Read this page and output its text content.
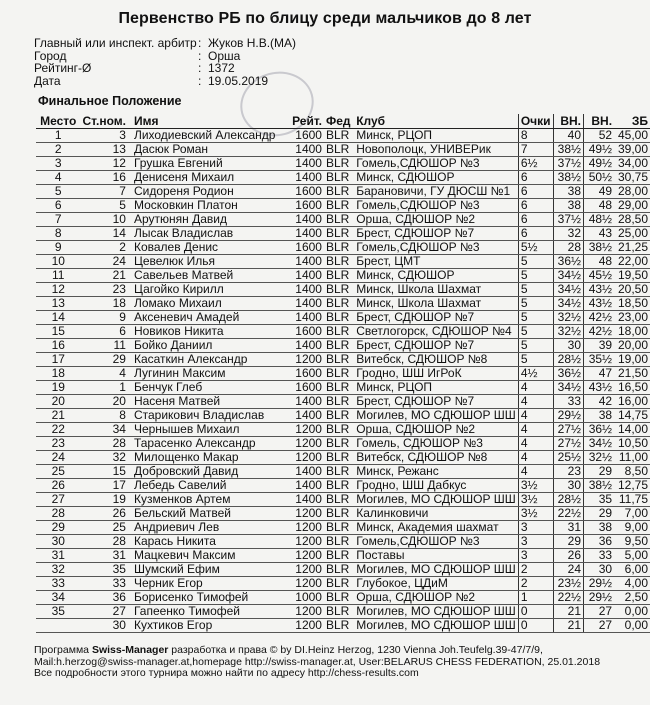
Первенство РБ по блицу среди мальчиков до 8 лет
Главный или инспект. арбитр : Жуков Н.В.(МА)
Город	: Орша
Рейтинг-Ø	: 1372
Дата	: 19.05.2019
Финальное Положение
Место	Ст.ном.	Имя	Рейт.	Фед	Клуб	Очки	ВН.	ВН.	ЗБ
1	3	Лиходиевский Александр	1600	BLR	Минск, РЦОП	8	40	52	45,00
2	13	Дасюк Роман	1400	BLR	Новополоцк, УНИВЕРик	7	38½	49½	39,00
3	12	Грушка Евгений	1400	BLR	Гомель,СДЮШОР №3	6½	37½	49½	34,00
4	16	Денисеня Михаил	1400	BLR	Минск, СДЮШОР	6	38½	50½	30,75
5	7	Сидореня Родион	1600	BLR	Барановичи, ГУ ДЮСШ №1	6	38	49	28,00
6	5	Московкин Платон	1600	BLR	Гомель,СДЮШОР №3	6	38	48	29,00
7	10	Арутюнян Давид	1400	BLR	Орша, СДЮШОР №2	6	37½	48½	28,50
8	14	Лысак Владислав	1400	BLR	Брест, СДЮШОР №7	6	32	43	25,00
9	2	Ковалев Денис	1600	BLR	Гомель,СДЮШОР №3	5½	28	38½	21,25
10	24	Цевелюк Илья	1400	BLR	Брест, ЦМТ	5	36½	48	22,00
11	21	Савельев Матвей	1400	BLR	Минск, СДЮШОР	5	34½	45½	19,50
12	23	Цагойко Кирилл	1400	BLR	Минск, Школа Шахмат	5	34½	43½	20,50
13	18	Ломако Михаил	1400	BLR	Минск, Школа Шахмат	5	34½	43½	18,50
14	9	Аксеневич Амадей	1400	BLR	Брест, СДЮШОР №7	5	32½	42½	23,00
15	6	Новиков Никита	1600	BLR	Светлогорск, СДЮШОР №4	5	32½	42½	18,00
16	11	Бойко Даниил	1400	BLR	Брест, СДЮШОР №7	5	30	39	20,00
17	29	Касаткин Александр	1200	BLR	Витебск, СДЮШОР №8	5	28½	35½	19,00
18	4	Лугинин Максим	1600	BLR	Гродно, ШШ ИгРоК	4½	36½	47	21,50
19	1	Бенчук Глеб	1600	BLR	Минск, РЦОП	4	34½	43½	16,50
20	20	Насеня Матвей	1400	BLR	Брест, СДЮШОР №7	4	33	42	16,00
21	8	Старикович Владислав	1400	BLR	Могилев, МО СДЮШОР ШШ	4	29½	38	14,75
22	34	Чернышев Михаил	1200	BLR	Орша, СДЮШОР №2	4	27½	36½	14,00
23	28	Тарасенко Александр	1200	BLR	Гомель, СДЮШОР №3	4	27½	34½	10,50
24	32	Милощенко Макар	1200	BLR	Витебск, СДЮШОР №8	4	25½	32½	11,00
25	15	Добровский Давид	1400	BLR	Минск, Режанс	4	23	29	8,50
26	17	Лебедь Савелий	1400	BLR	Гродно, ШШ Дабкус	3½	30	38½	12,75
27	19	Кузменков Артем	1400	BLR	Могилев, МО СДЮШОР ШШ	3½	28½	35	11,75
28	26	Бельский Матвей	1200	BLR	Калинковичи	3½	22½	29	7,00
29	25	Андриевич Лев	1200	BLR	Минск, Академия шахмат	3	31	38	9,00
30	28	Карась Никита	1200	BLR	Гомель,СДЮШОР №3	3	29	36	9,50
31	31	Мацкевич Максим	1200	BLR	Поставы	3	26	33	5,00
32	35	Шумский Ефим	1200	BLR	Могилев, МО СДЮШОР ШШ	2	24	30	6,00
33	33	Черник Егор	1200	BLR	Глубокое, ЦДиМ	2	23½	29½	4,00
34	36	Борисенко Тимофей	1000	BLR	Орша, СДЮШОР №2	1	22½	29½	2,50
35	27	Гапеенко Тимофей	1200	BLR	Могилев, МО СДЮШОР ШШ	0	21	27	0,00
	30	Кухтиков Егор	1200	BLR	Могилев, МО СДЮШОР ШШ	0	21	27	0,00
Программа Swiss-Manager разработка и права © by DI.Heinz Herzog, 1230 Vienna Joh.Teufelg.39-47/7/9,
Mail:h.herzog@swiss-manager.at,homepage http://swiss-manager.at, User:BELARUS CHESS FEDERATION, 25.01.2018
Все подробности этого турнира можно найти по адресу http://chess-results.com
